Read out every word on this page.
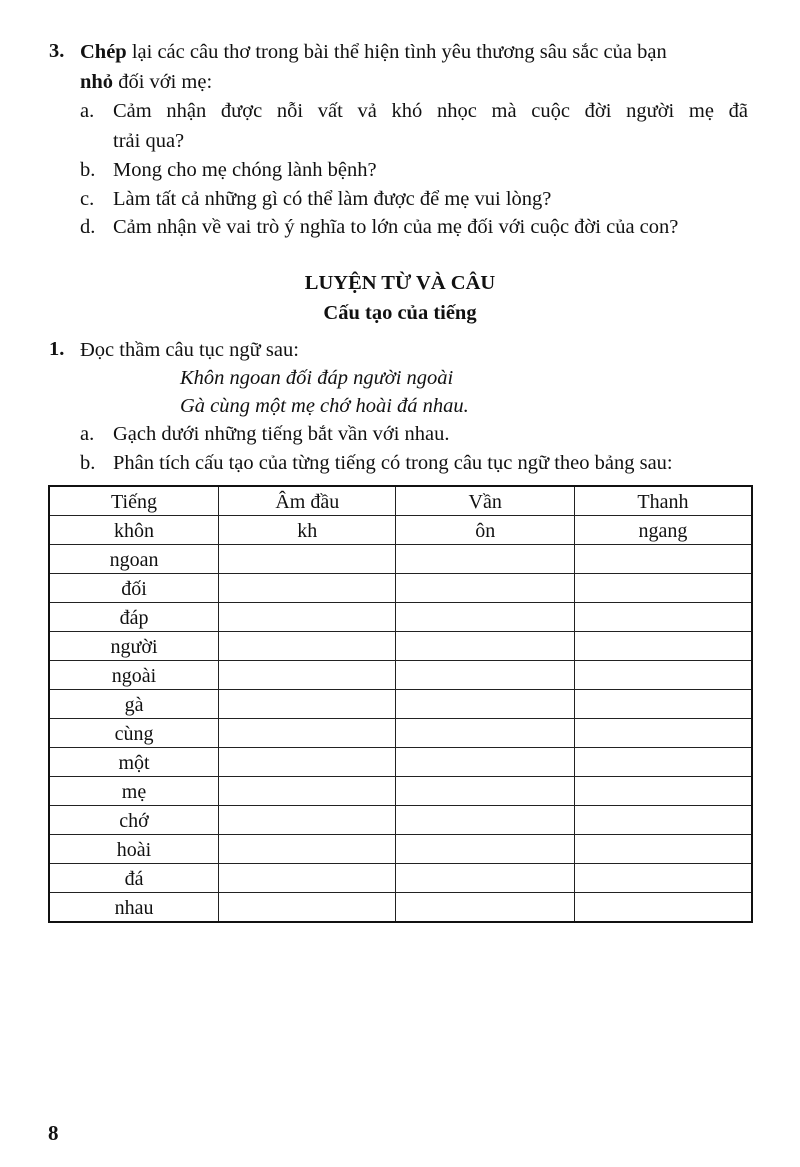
3. Chép lại các câu thơ trong bài thể hiện tình yêu thương sâu sắc của bạn
nhỏ đối với mẹ:
a. Cảm nhận được nỗi vất vả khó nhọc mà cuộc đời người mẹ đã
trải qua?
b. Mong cho mẹ chóng lành bệnh?
c. Làm tất cả những gì có thể làm được để mẹ vui lòng?
d. Cảm nhận về vai trò ý nghĩa to lớn của mẹ đối với cuộc đời của con?
LUYỆN TỪ VÀ CÂU
Cấu tạo của tiếng
1. Đọc thầm câu tục ngữ sau:
Khôn ngoan đối đáp người ngoài
Gà cùng một mẹ chớ hoài đá nhau.
a. Gạch dưới những tiếng bắt vần với nhau.
b. Phân tích cấu tạo của từng tiếng có trong câu tục ngữ theo bảng sau:
Tiếng	Âm đầu	Vần	Thanh
khôn	kh	ôn	ngang
ngoan			
đối			
đáp			
người			
ngoài			
gà			
cùng			
một			
mẹ			
chớ			
hoài			
đá			
nhau			
8
